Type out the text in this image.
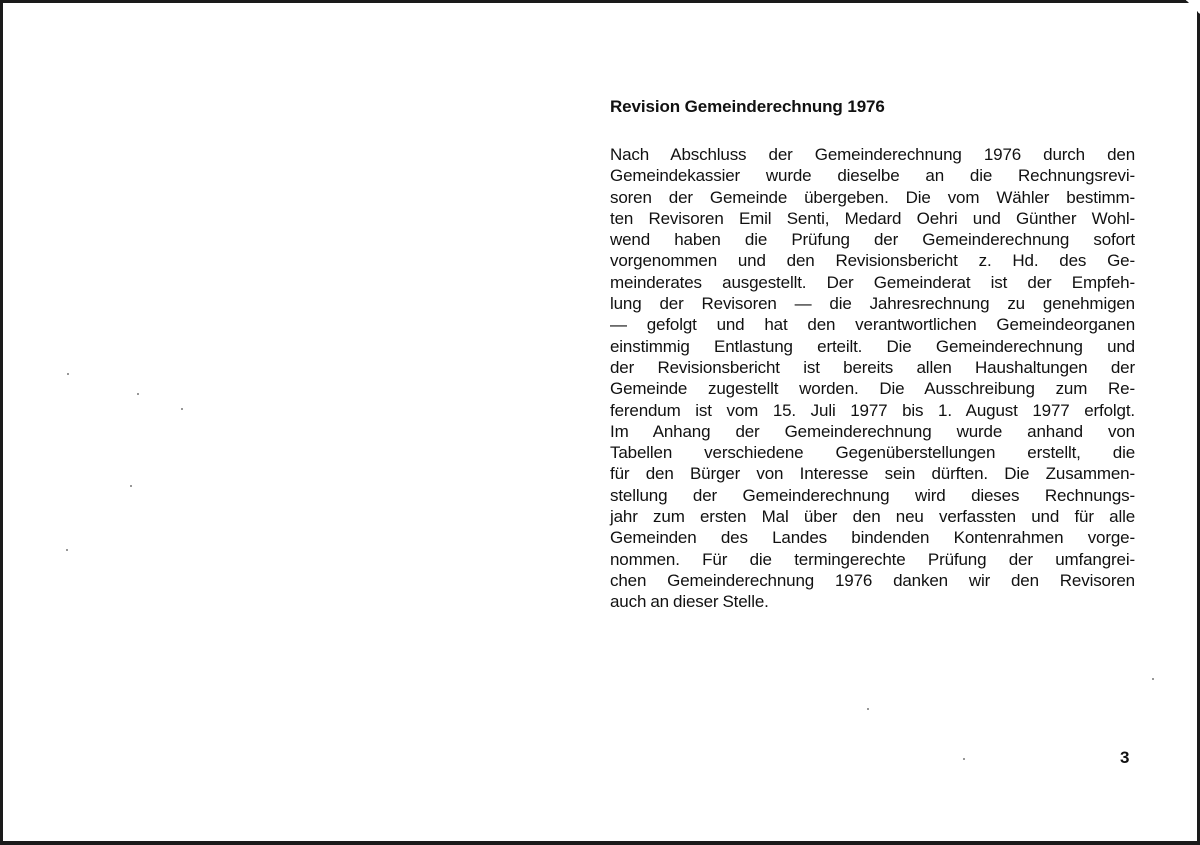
Revision Gemeinderechnung 1976

Nach Abschluss der Gemeinderechnung 1976 durch den
Gemeindekassier wurde dieselbe an die Rechnungsrevi-
soren der Gemeinde übergeben. Die vom Wähler bestimm-
ten Revisoren Emil Senti, Medard Oehri und Günther Wohl-
wend haben die Prüfung der Gemeinderechnung sofort
vorgenommen und den Revisionsbericht z. Hd. des Ge-
meinderates ausgestellt. Der Gemeinderat ist der Empfeh-
lung der Revisoren — die Jahresrechnung zu genehmigen
— gefolgt und hat den verantwortlichen Gemeindeorganen
einstimmig Entlastung erteilt. Die Gemeinderechnung und
der Revisionsbericht ist bereits allen Haushaltungen der
Gemeinde zugestellt worden. Die Ausschreibung zum Re-
ferendum ist vom 15. Juli 1977 bis 1. August 1977 erfolgt.
Im Anhang der Gemeinderechnung wurde anhand von
Tabellen verschiedene Gegenüberstellungen erstellt, die
für den Bürger von Interesse sein dürften. Die Zusammen-
stellung der Gemeinderechnung wird dieses Rechnungs-
jahr zum ersten Mal über den neu verfassten und für alle
Gemeinden des Landes bindenden Kontenrahmen vorge-
nommen. Für die termingerechte Prüfung der umfangrei-
chen Gemeinderechnung 1976 danken wir den Revisoren
auch an dieser Stelle.

3
